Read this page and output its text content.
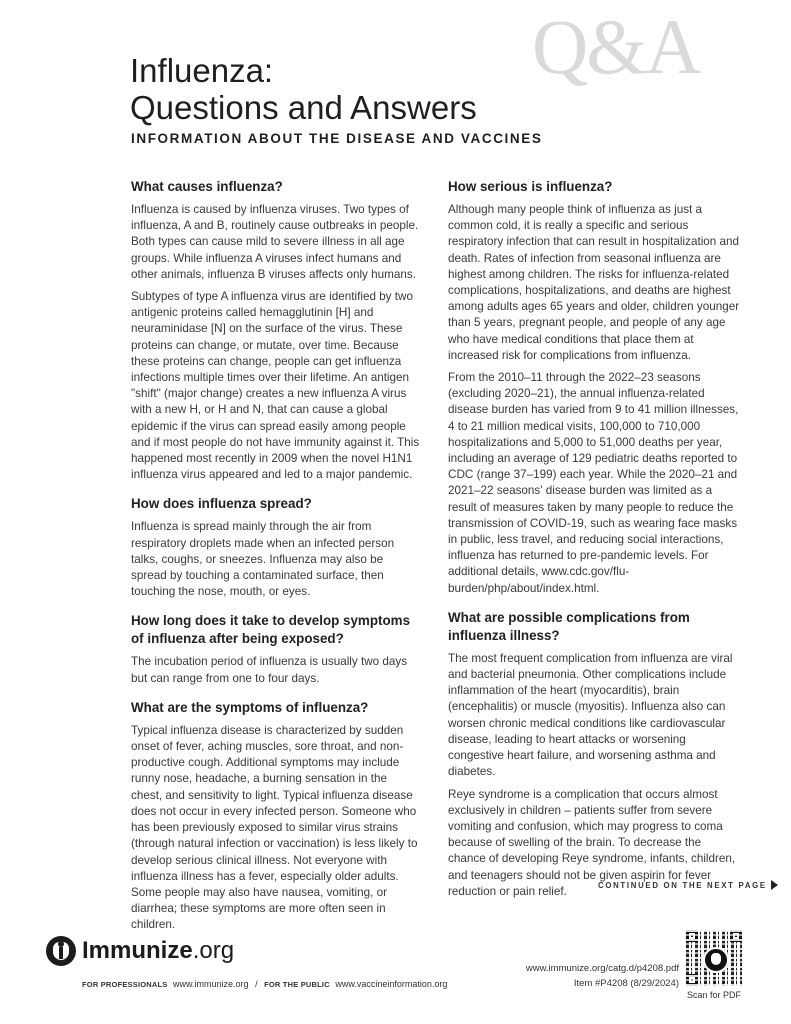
Q&A
Influenza:
Questions and Answers
INFORMATION ABOUT THE DISEASE AND VACCINES
What causes influenza?

Influenza is caused by influenza viruses. Two types of influenza, A and B, routinely cause outbreaks in people. Both types can cause mild to severe illness in all age groups. While influenza A viruses infect humans and other animals, influenza B viruses affects only humans.

Subtypes of type A influenza virus are identified by two antigenic proteins called hemagglutinin [H] and neuraminidase [N] on the surface of the virus. These proteins can change, or mutate, over time. Because these proteins can change, people can get influenza infections multiple times over their lifetime. An antigen "shift" (major change) creates a new influenza A virus with a new H, or H and N, that can cause a global epidemic if the virus can spread easily among people and if most people do not have immunity against it. This happened most recently in 2009 when the novel H1N1 influenza virus appeared and led to a major pandemic.

How does influenza spread?

Influenza is spread mainly through the air from respiratory droplets made when an infected person talks, coughs, or sneezes. Influenza may also be spread by touching a contaminated surface, then touching the nose, mouth, or eyes.

How long does it take to develop symptoms of influenza after being exposed?

The incubation period of influenza is usually two days but can range from one to four days.

What are the symptoms of influenza?

Typical influenza disease is characterized by sudden onset of fever, aching muscles, sore throat, and non-productive cough. Additional symptoms may include runny nose, headache, a burning sensation in the chest, and sensitivity to light. Typical influenza disease does not occur in every infected person. Someone who has been previously exposed to similar virus strains (through natural infection or vaccination) is less likely to develop serious clinical illness. Not everyone with influenza illness has a fever, especially older adults. Some people may also have nausea, vomiting, or diarrhea; these symptoms are more often seen in children.

How serious is influenza?

Although many people think of influenza as just a common cold, it is really a specific and serious respiratory infection that can result in hospitalization and death. Rates of infection from seasonal influenza are highest among children. The risks for influenza-related complications, hospitalizations, and deaths are highest among adults ages 65 years and older, children younger than 5 years, pregnant people, and people of any age who have medical conditions that place them at increased risk for complications from influenza.

From the 2010–11 through the 2022–23 seasons (excluding 2020–21), the annual influenza-related disease burden has varied from 9 to 41 million illnesses, 4 to 21 million medical visits, 100,000 to 710,000 hospitalizations and 5,000 to 51,000 deaths per year, including an average of 129 pediatric deaths reported to CDC (range 37–199) each year. While the 2020–21 and 2021–22 seasons' disease burden was limited as a result of measures taken by many people to reduce the transmission of COVID-19, such as wearing face masks in public, less travel, and reducing social interactions, influenza has returned to pre-pandemic levels. For additional details, www.cdc.gov/flu-burden/php/about/index.html.

What are possible complications from influenza illness?

The most frequent complication from influenza are viral and bacterial pneumonia. Other complications include inflammation of the heart (myocarditis), brain (encephalitis) or muscle (myositis). Influenza also can worsen chronic medical conditions like cardiovascular disease, leading to heart attacks or worsening congestive heart failure, and worsening asthma and diabetes.

Reye syndrome is a complication that occurs almost exclusively in children – patients suffer from severe vomiting and confusion, which may progress to coma because of swelling of the brain. To decrease the chance of developing Reye syndrome, infants, children, and teenagers should not be given aspirin for fever reduction or pain relief.	CONTINUED ON THE NEXT PAGE
Immunize.org
FOR PROFESSIONALS www.immunize.org / FOR THE PUBLIC www.vaccineinformation.org
www.immunize.org/catg.d/p4208.pdf
Item #P4208 (8/29/2024)
Scan for PDF
